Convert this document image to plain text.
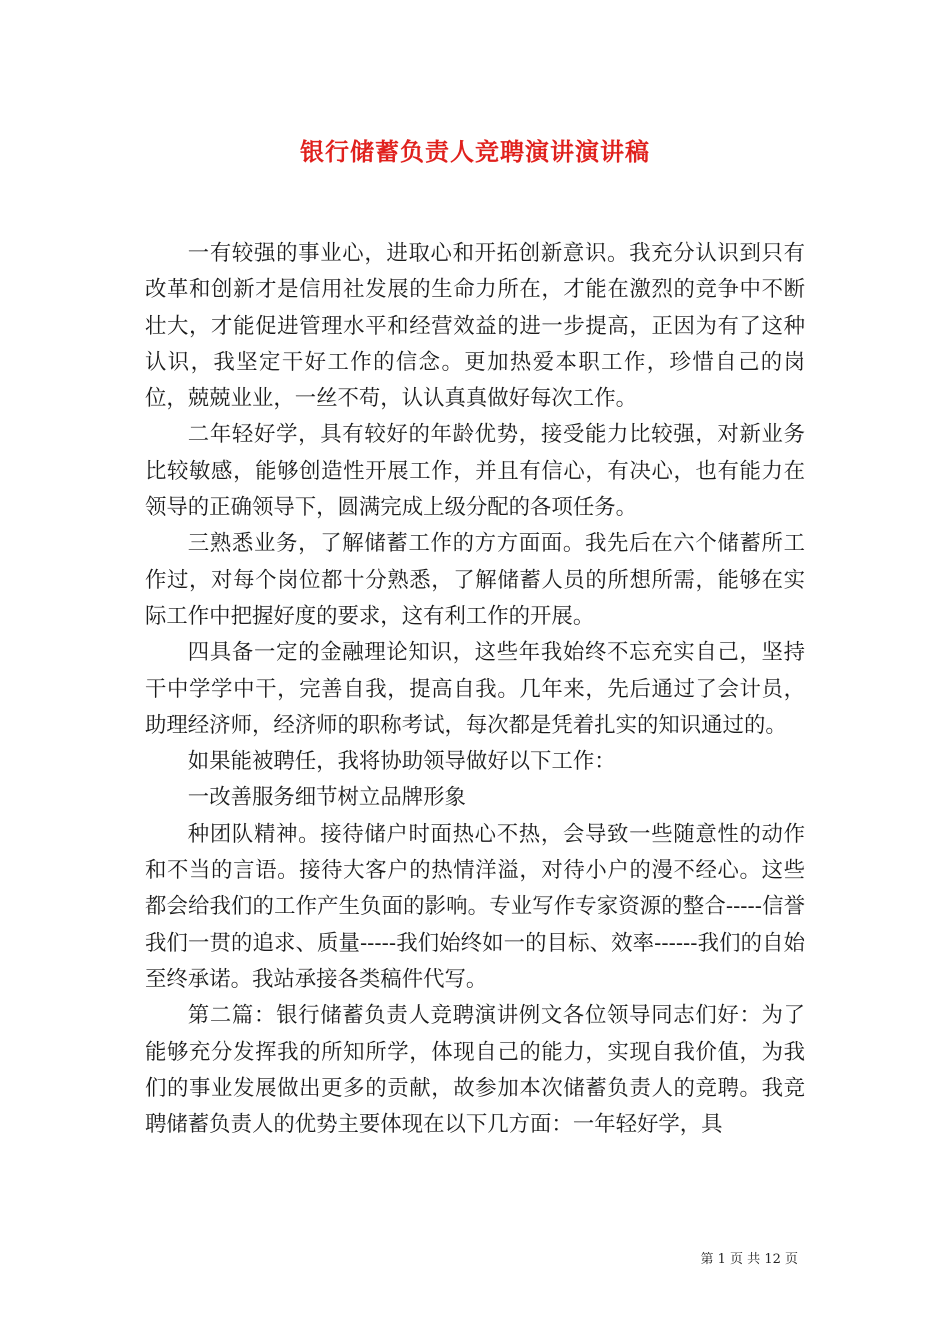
银行储蓄负责人竞聘演讲演讲稿

一有较强的事业心，进取心和开拓创新意识。我充分认识到只有改革和创新才是信用社发展的生命力所在，才能在激烈的竞争中不断壮大，才能促进管理水平和经营效益的进一步提高，正因为有了这种认识，我坚定干好工作的信念。更加热爱本职工作，珍惜自己的岗位，兢兢业业，一丝不苟，认认真真做好每次工作。

二年轻好学，具有较好的年龄优势，接受能力比较强，对新业务比较敏感，能够创造性开展工作，并且有信心，有决心，也有能力在领导的正确领导下，圆满完成上级分配的各项任务。

三熟悉业务，了解储蓄工作的方方面面。我先后在六个储蓄所工作过，对每个岗位都十分熟悉，了解储蓄人员的所想所需，能够在实际工作中把握好度的要求，这有利工作的开展。

四具备一定的金融理论知识，这些年我始终不忘充实自己，坚持干中学学中干，完善自我，提高自我。几年来，先后通过了会计员，助理经济师，经济师的职称考试，每次都是凭着扎实的知识通过的。

如果能被聘任，我将协助领导做好以下工作：

一改善服务细节树立品牌形象

种团队精神。接待储户时面热心不热，会导致一些随意性的动作和不当的言语。接待大客户的热情洋溢，对待小户的漫不经心。这些都会给我们的工作产生负面的影响。专业写作专家资源的整合-----信誉我们一贯的追求、质量-----我们始终如一的目标、效率------我们的自始至终承诺。我站承接各类稿件代写。

第二篇：银行储蓄负责人竞聘演讲例文各位领导同志们好：为了能够充分发挥我的所知所学，体现自己的能力，实现自我价值，为我们的事业发展做出更多的贡献，故参加本次储蓄负责人的竞聘。我竞聘储蓄负责人的优势主要体现在以下几方面：一年轻好学，具

第 1 页 共 12 页
